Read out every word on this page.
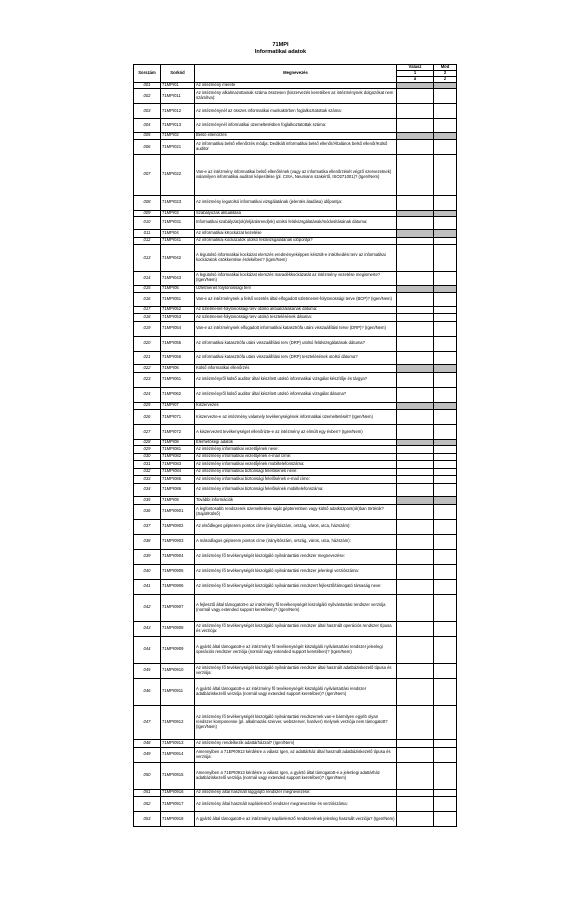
71MPI
Informatikai adatok
Sorszám	Sorkód	Megnevezés	Válasz	Mód
			1	2
			a	z
001	71MPI01	Az intézmény mérete		
002	71MPI011	Az intézmény alkalmazottainak száma összesen (kiszervezés keretében az intézménynek dolgozókat nem számítva):		
003	71MPI012	Az intézménynél az összes informatikai munkakörben foglalkoztatottak száma:		
004	71MPI013	Az intézménynél informatikai üzemeltetésben foglalkoztatottak száma:		
005	71MPI02	Belső ellenőrzés		
006	71MPI021	Az informatikai belső ellenőrzés módja: Dedikált informatikai belső ellenőr/Általános belső ellenőr/Külső auditor		
007	71MPI022	Van-e az intézmény informatikai belső ellenőrének (vagy az informatika ellenőrzését végző szervezetnek) valamilyen informatikai auditori képesítése (pl. CISA, Neumann szakértő, ISO271001)? (Igen/Nem)		
008	71MPI023	Az intézmény legutolsó informatikai vizsgálatának (jelentés átadása) időpontja:		
009	71MPI03	Szabályozás aktualitása		
010	71MPI031	Informatikai szabályzat(ok)/eljárásrend(ek) utolsó felülvizsgálatának/módosításának dátuma:		
011	71MPI04	Az informatikai kKockázat kezelése		
012	71MPI041	Az informatikai kockázatok utolsó felülvizsgálatának időpontja?		
013	71MPI042	A legutolsó informatikai kockázat elemzés eredményeképpen készült-e intézkedési terv az informatikai kockázatok csökkentése érdekében? (Igen/Nem)		
014	71MPI043	A legutolsó informatikai kockázat elemzés maradékkockázatát az intézmény vezetése megismerte? (Igen/Nem)		
015	71MPI05	Üzletmenet folytonossági terv		
016	71MPI051	Van-e az intézménynek a felső vezetés által elfogadott üzletmenet-folytonossági terve (BCP)? (Igen/Nem)		
017	71MPI052	Az üzletmenet-folytonossági terv utolsó aktualizálásának dátuma:		
018	71MPI053	Az üzletmenet-folytonossági terv utolsó tesztelésének dátuma:		
019	71MPI054	Van-e az intézménynek elfogadott informatikai katasztrófa utáni visszaállítási terve (DRP)? (Igen/Nem)		
020	71MPI055	Az informatikai katasztrófa utáni visszaállítási terv (DRP) utolsó felülvizsgálatának dátuma?		
021	71MPI056	Az informatikai katasztrófa utáni visszaállítási terv (DRP) tesztelésének utolsó dátuma?		
022	71MPI06	Külső informatikai ellenőrzés		
023	71MPI061	Az intézményről külső auditor által készített utolsó informatikai vizsgálat készítője és tárgya?		
024	71MPI062	Az intézményről külső auditor által készített utolsó informatikai vizsgálat dátuma?		
025	71MPI07	Kiszervezés		
026	71MPI071	Kiszervezte-e az intézmény valamely tevékenységének informatikai üzemeltetését? (Igen/Nem)		
027	71MPI072	A kiszervezett tevékenységet ellenőrizte-e az intézmény az elmúlt egy évben? (Igen/Nem)		
028	71MPI08	Elérhetőségi adatok		
029	71MPI081	Az intézmény informatikai vezetőjének neve:		
030	71MPI082	Az intézmény informatikai vezetőjének e-mail címe:		
031	71MPI083	Az intézmény informatikai vezetőjének mobiltelefonszáma:		
032	71MPI084	Az intézmény informatikai biztonsági felelősének neve:		
033	71MPI085	Az intézmény informatikai biztonsági felelősének e-mail címe:		
034	71MPI086	Az intézmény informatikai biztonsági felelősének mobiltelefonszáma:		
035	71MPI09	További információk		
036	71MPI0901	A legfontosabb rendszerek üzemeltetése saját gépteremben vagy külső adatközpont(ok)ban történik? (Saját/Külső)		
037	71MPI0902	Az elsődleges gépterem pontos címe (irányítószám, ország, város, utca, házszám):		
038	71MPI0903	A másodlagos gépterem pontos címe (irányítószám, ország, város, utca, házszám):		
039	71MPI0904	Az intézmény fő tevékenységét kiszolgáló nyilvántartási rendszer megnevezése:		
040	71MPI0905	Az intézmény fő tevékenységét kiszolgáló nyilvántartási rendszer jelenlegi verziószáma:		
041	71MPI0906	Az intézmény fő tevékenységét kiszolgáló nyilvántartási rendszert fejlesztő/támogató társaság neve:		
042	71MPI0907	A fejlesztő által támogatott-e az intézmény fő tevékenységét kiszolgáló nyilvántartási rendszer verziója (normál vagy extended support keretében)? (Igen/Nem)		
043	71MPI0908	Az intézmény fő tevékenységét kiszolgáló nyilvántartási rendszer által használt operációs rendszer típusa és verziója:		
044	71MPI0909	A gyártó által támogatott-e az intézmény fő tevékenységét kiszolgáló nyilvántartási rendszer jelenlegi operációs rendszer verziója (normál vagy extended support keretében)? (Igen/Nem)		
045	71MPI0910	Az intézmény fő tevékenységét kiszolgáló nyilvántartási rendszer által használt adatbáziskezelő típusa és verziója:		
046	71MPI0911	A gyártó által támogatott-e az intézmény fő tevékenységét kiszolgáló nyilvántartási rendszer adatbáziskezelő verziója (normál vagy extended support keretében)? (Igen/Nem)		
047	71MPI0912	Az intézmény fő tevékenységét kiszolgáló nyilvántartási rendszernek van-e bármilyen egyéb olyan rendszer komponense (pl. alkalmazás szerver, webszerver, hardver) melynek verziója nem támogatott? (Igen/Nem)		
048	71MPI0913	Az intézmény rendelkezik adattárházzal? (Igen/Nem)		
049	71MPI0914	Amennyiben a 71EPI0913 kérdésre a válasz Igen, az adattárház által használt adatbáziskezelő típusa és verziója:		
050	71MPI0915	Amennyiben a 71EPI0913 kérdésre a válasz Igen, a gyártó által támogatott-e a jelenlegi adattárház adatbáziskezelő verziója (normál vagy extended support keretében)? (Igen/Nem)		
051	71MPI0916	Az intézmény által használt loggyűjtő rendszer megnevezése:		
052	71MPI0917	Az intézmény által használt naplóelemző rendszer megnevezése és verziószáma:		
053	71MPI0918	A gyártó által támogatott-e az intézmény naplóelemző rendszerének jelenleg használt verziója? (Igen/Nem)		
